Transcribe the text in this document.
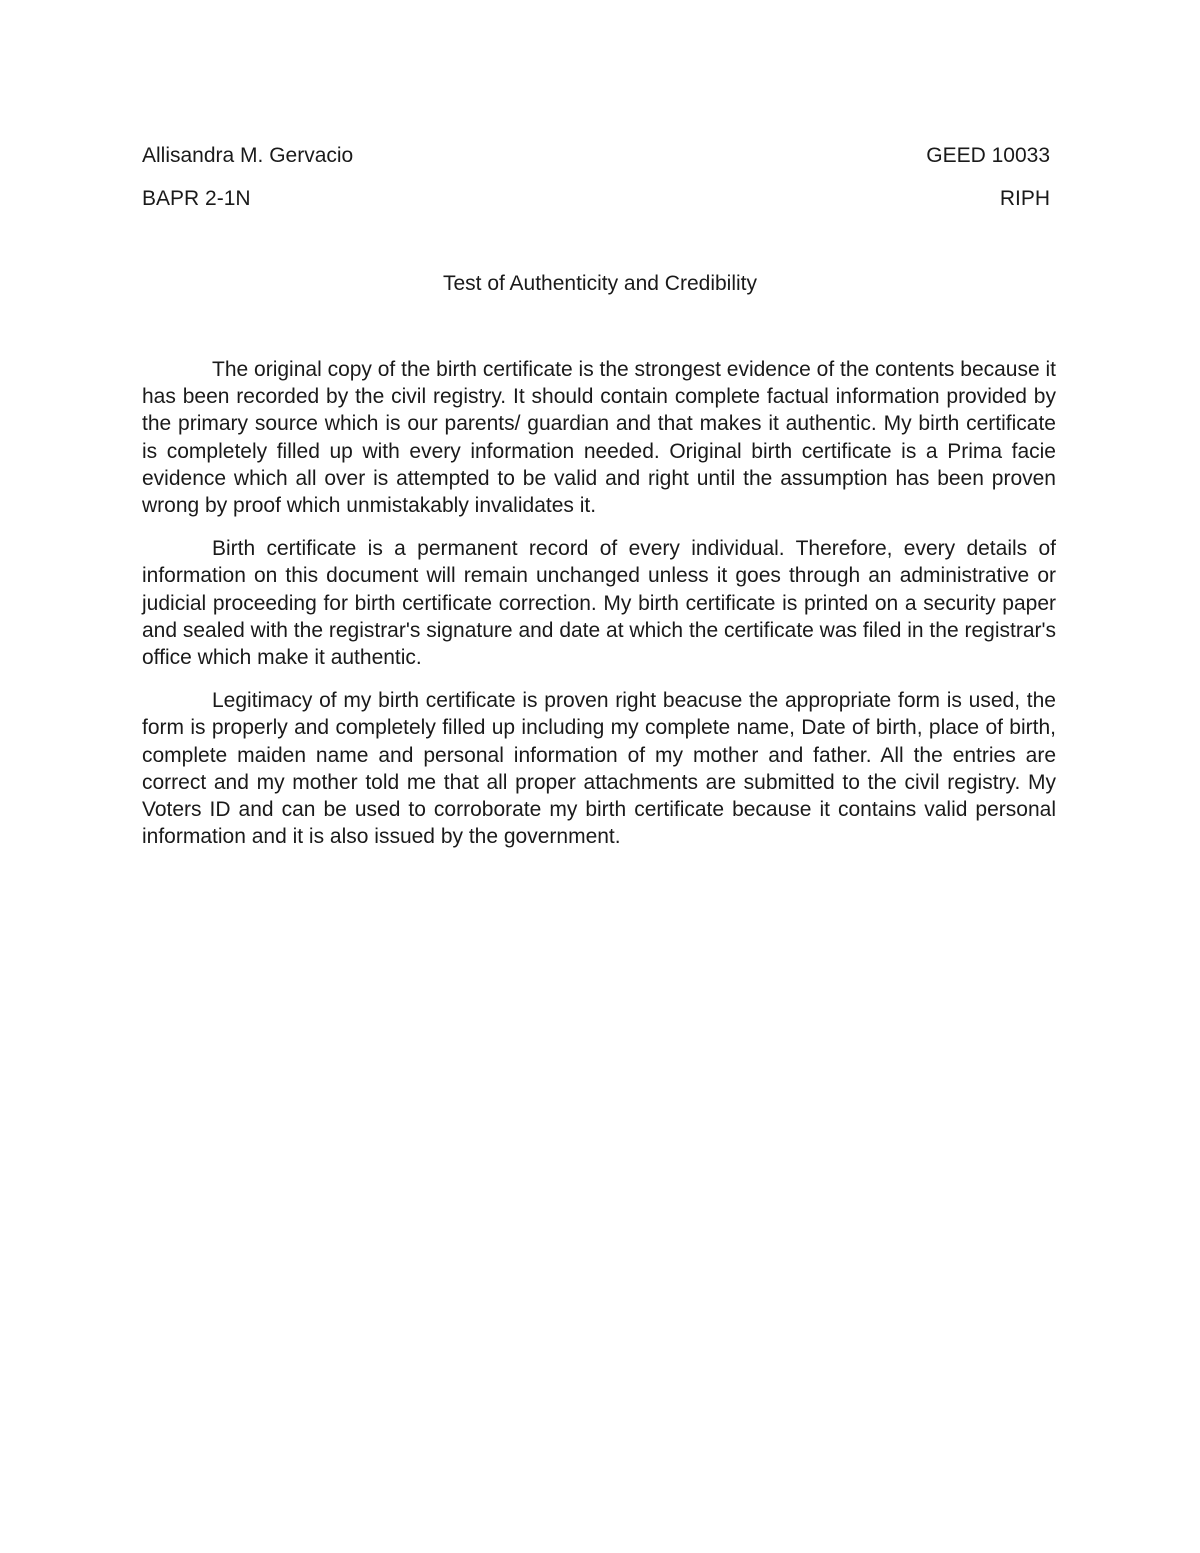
Allisandra M. Gervacio	GEED 10033
BAPR 2-1N	RIPH
Test of Authenticity and Credibility

The original copy of the birth certificate is the strongest evidence of the contents because it has been recorded by the civil registry. It should contain complete factual information provided by the primary source which is our parents/ guardian and that makes it authentic. My birth certificate is completely filled up with every information needed. Original birth certificate is a Prima facie evidence which all over is attempted to be valid and right until the assumption has been proven wrong by proof which unmistakably invalidates it.

Birth certificate is a permanent record of every individual. Therefore, every details of information on this document will remain unchanged unless it goes through an administrative or judicial proceeding for birth certificate correction. My birth certificate is printed on a security paper and sealed with the registrar's signature and date at which the certificate was filed in the registrar's office which make it authentic.

Legitimacy of my birth certificate is proven right beacuse the appropriate form is used, the form is properly and completely filled up including my complete name, Date of birth, place of birth, complete maiden name and personal information of my mother and father. All the entries are correct and my mother told me that all proper attachments are submitted to the civil registry. My Voters ID and can be used to corroborate my birth certificate because it contains valid personal information and it is also issued by the government.
